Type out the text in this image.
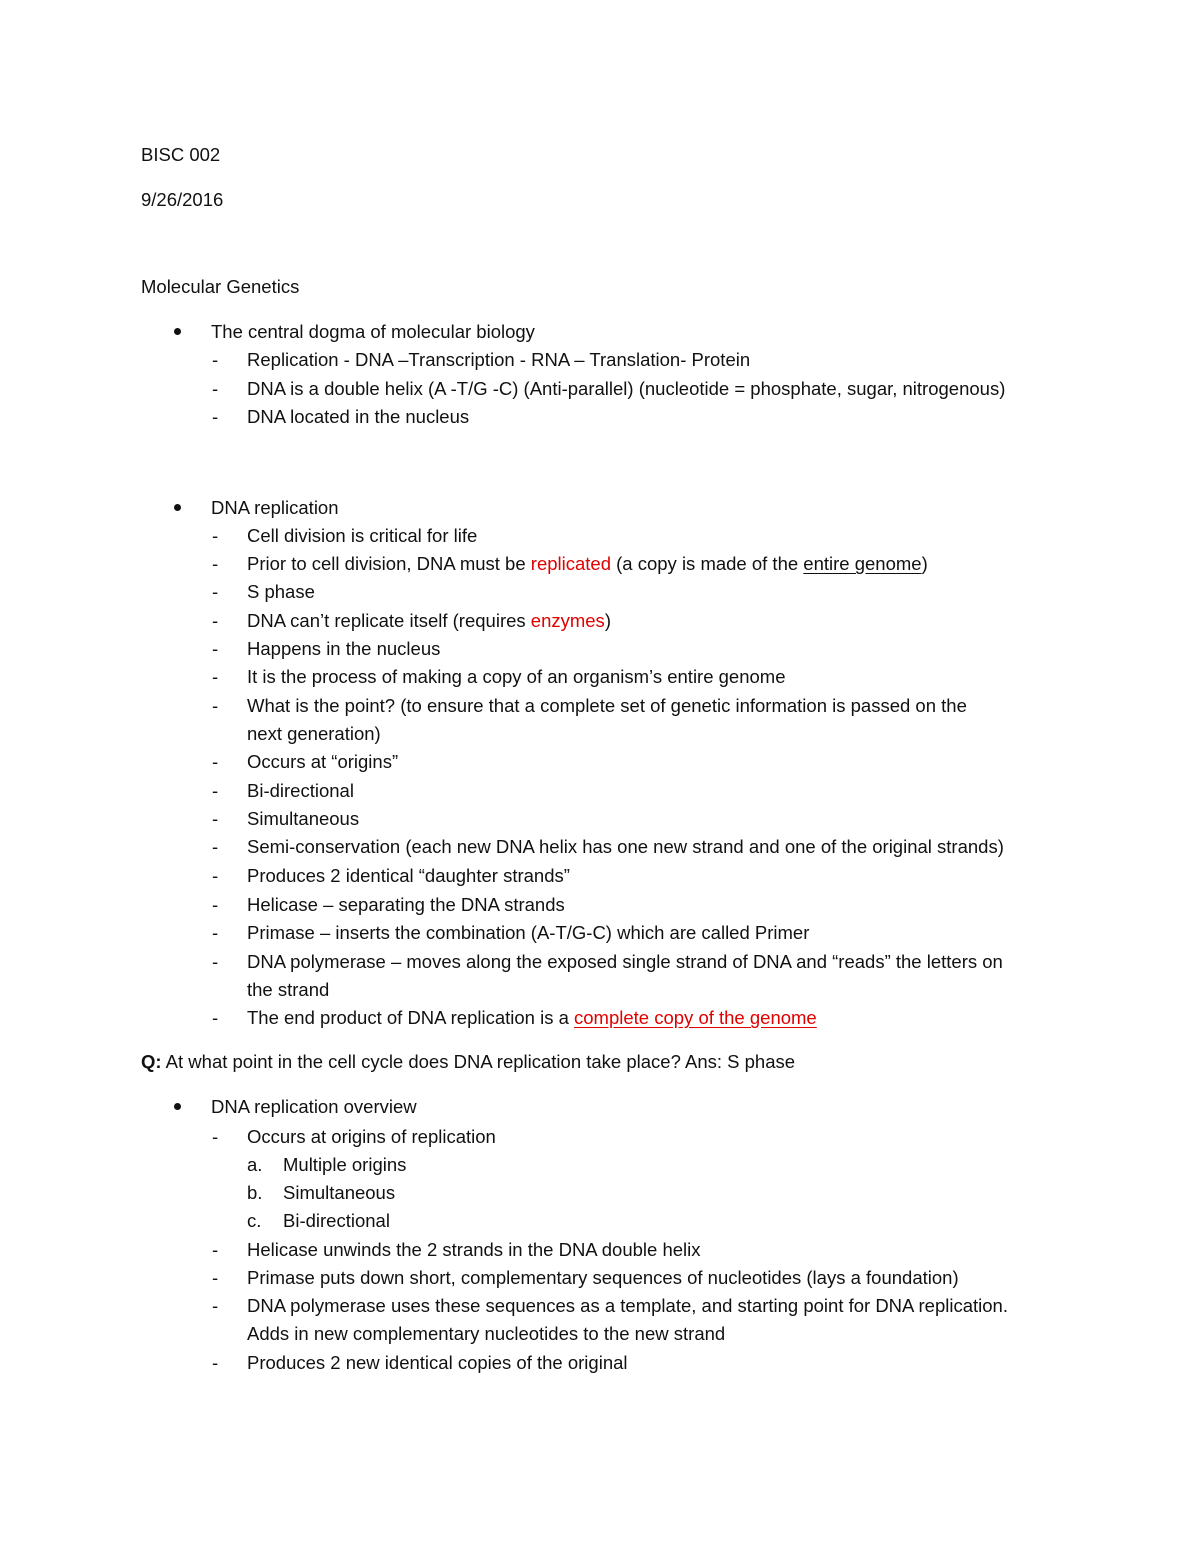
BISC 002
9/26/2016
Molecular Genetics
The central dogma of molecular biology
- Replication - DNA –Transcription - RNA – Translation- Protein
- DNA is a double helix (A -T/G -C) (Anti-parallel) (nucleotide = phosphate, sugar, nitrogenous)
- DNA located in the nucleus
DNA replication
- Cell division is critical for life
- Prior to cell division, DNA must be replicated (a copy is made of the entire genome)
- S phase
- DNA can’t replicate itself (requires enzymes)
- Happens in the nucleus
- It is the process of making a copy of an organism’s entire genome
- What is the point? (to ensure that a complete set of genetic information is passed on the
next generation)
- Occurs at “origins”
- Bi-directional
- Simultaneous
- Semi-conservation (each new DNA helix has one new strand and one of the original strands)
- Produces 2 identical “daughter strands”
- Helicase – separating the DNA strands
- Primase – inserts the combination (A-T/G-C) which are called Primer
- DNA polymerase – moves along the exposed single strand of DNA and “reads” the letters on
the strand
- The end product of DNA replication is a complete copy of the genome
Q: At what point in the cell cycle does DNA replication take place? Ans: S phase
DNA replication overview
- Occurs at origins of replication
a. Multiple origins
b. Simultaneous
c. Bi-directional
- Helicase unwinds the 2 strands in the DNA double helix
- Primase puts down short, complementary sequences of nucleotides (lays a foundation)
- DNA polymerase uses these sequences as a template, and starting point for DNA replication.
Adds in new complementary nucleotides to the new strand
- Produces 2 new identical copies of the original
